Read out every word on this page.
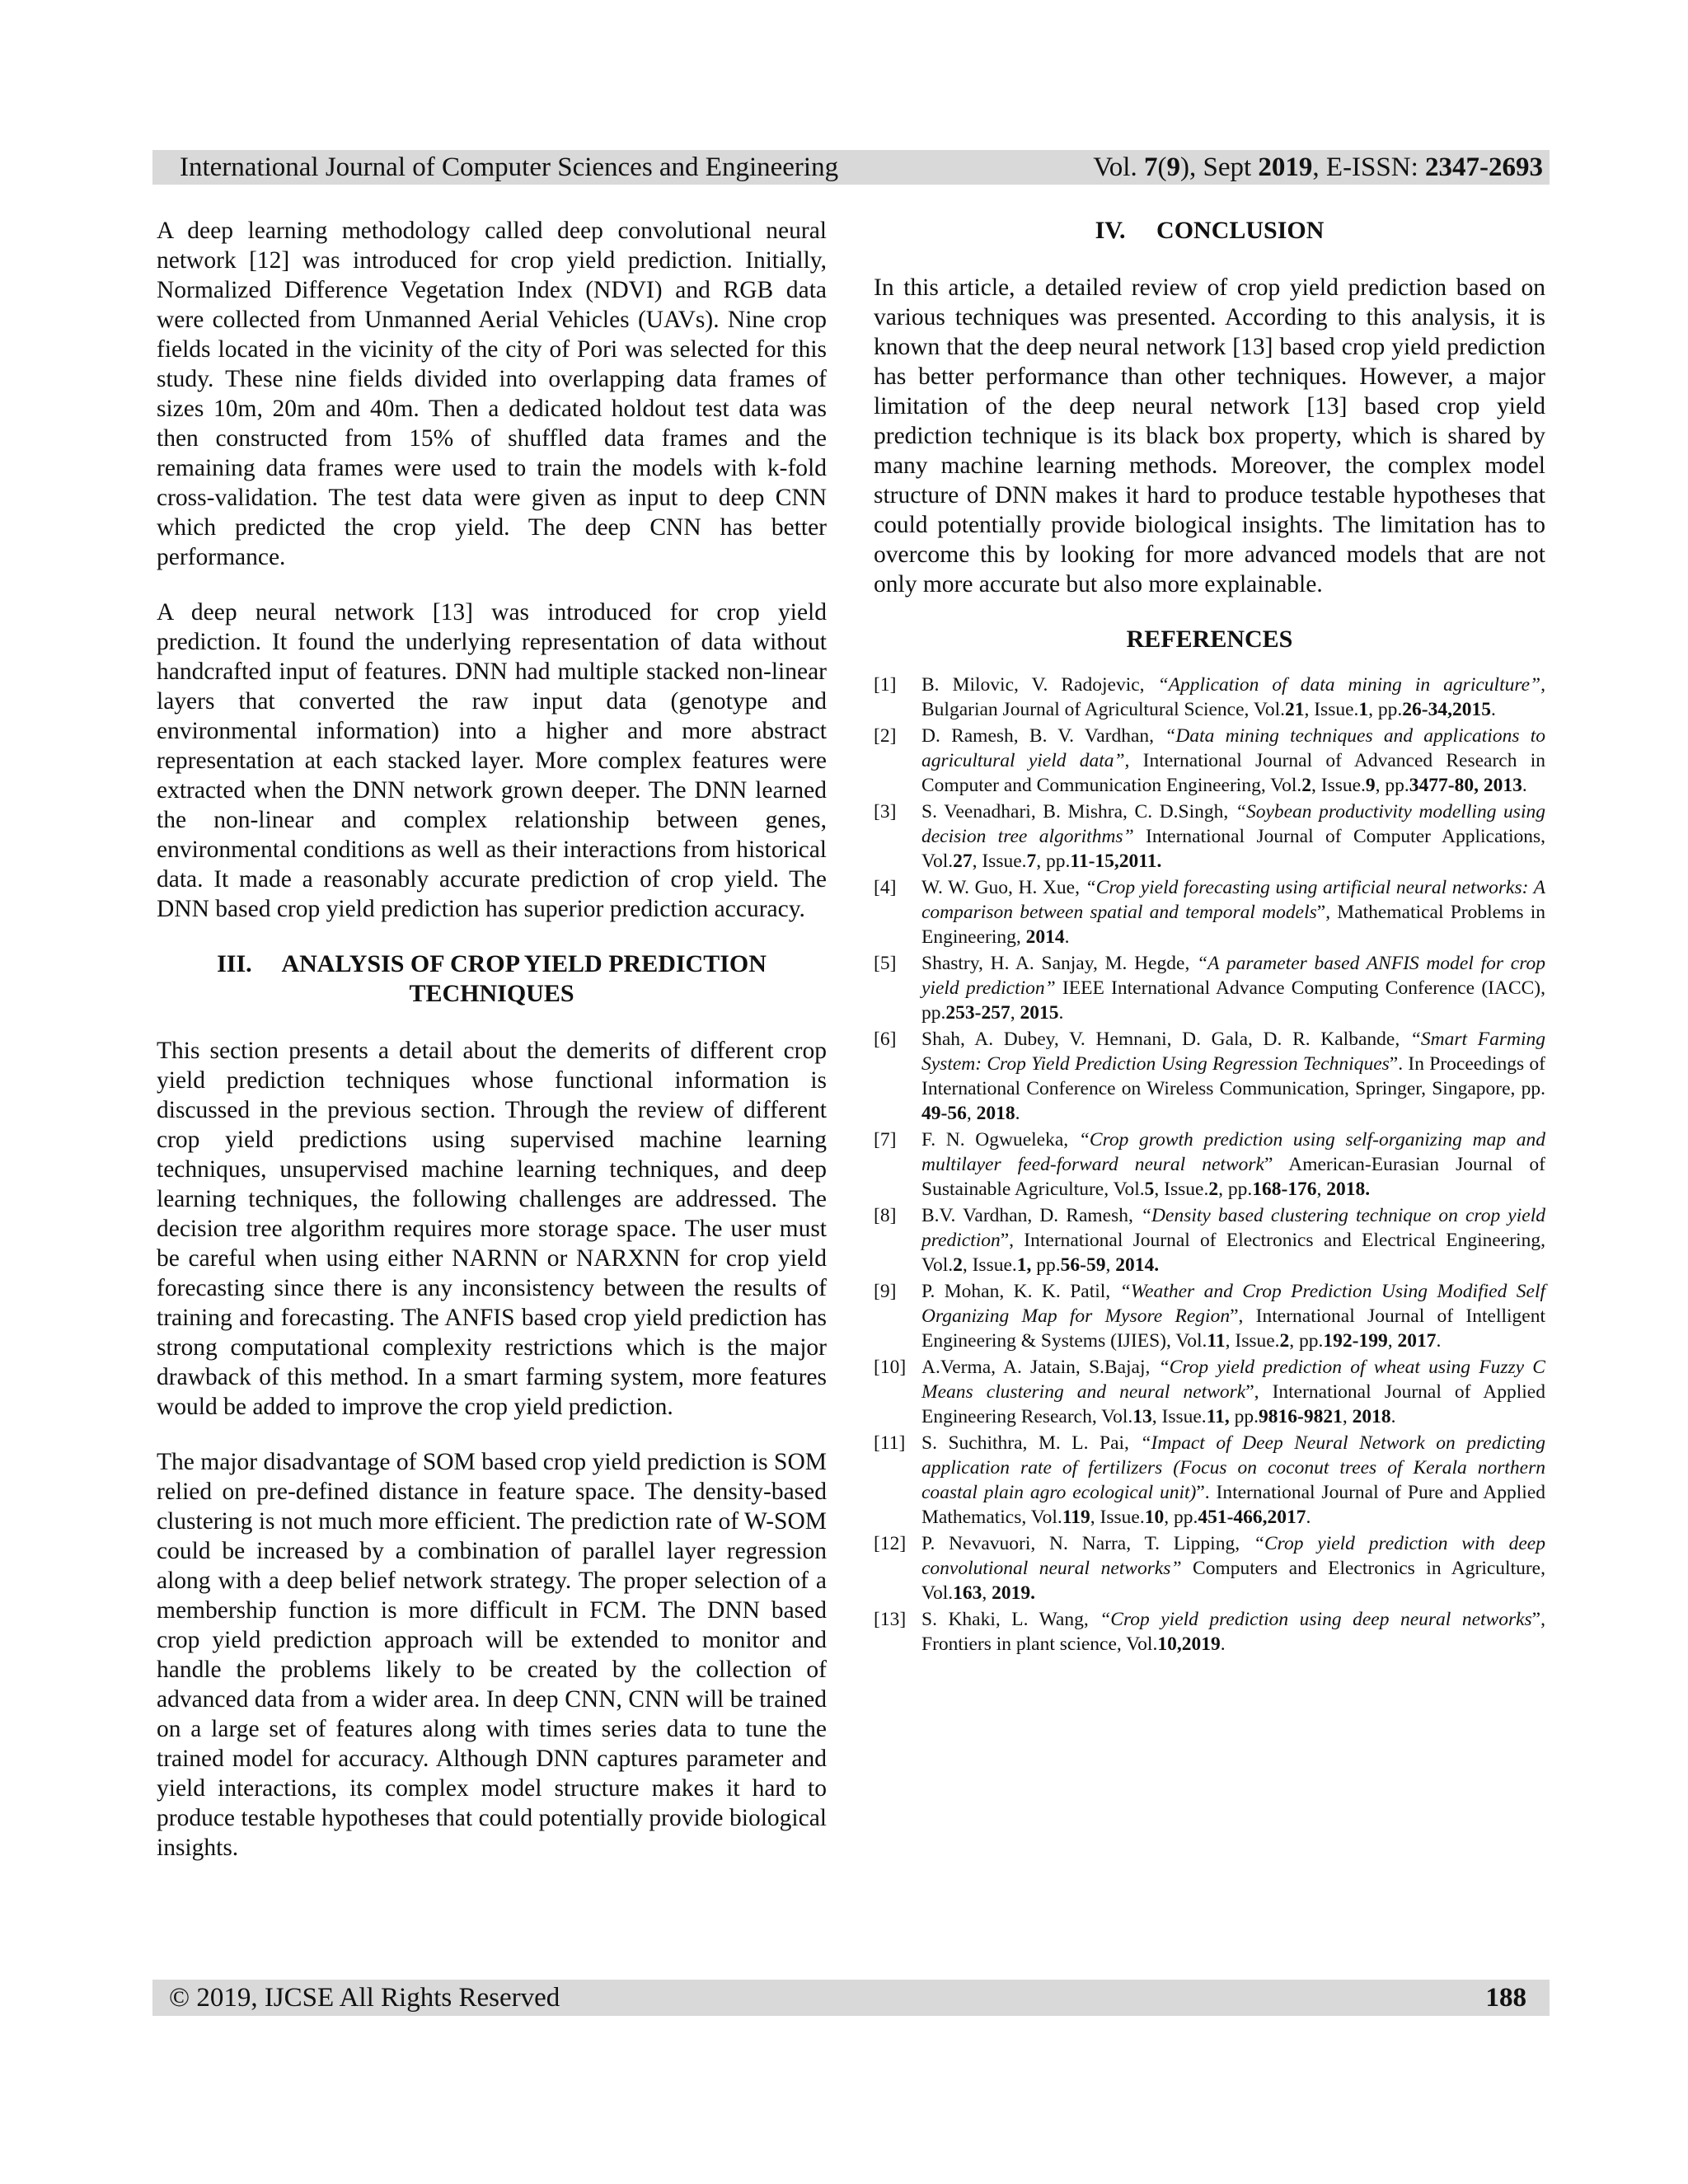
International Journal of Computer Sciences and Engineering	Vol. 7(9), Sept 2019, E-ISSN: 2347-2693

A deep learning methodology called deep convolutional neural network [12] was introduced for crop yield prediction. Initially, Normalized Difference Vegetation Index (NDVI) and RGB data were collected from Unmanned Aerial Vehicles (UAVs). Nine crop fields located in the vicinity of the city of Pori was selected for this study. These nine fields divided into overlapping data frames of sizes 10m, 20m and 40m. Then a dedicated holdout test data was then constructed from 15% of shuffled data frames and the remaining data frames were used to train the models with k-fold cross-validation. The test data were given as input to deep CNN which predicted the crop yield. The deep CNN has better performance.

A deep neural network [13] was introduced for crop yield prediction. It found the underlying representation of data without handcrafted input of features. DNN had multiple stacked non-linear layers that converted the raw input data (genotype and environmental information) into a higher and more abstract representation at each stacked layer. More complex features were extracted when the DNN network grown deeper. The DNN learned the non-linear and complex relationship between genes, environmental conditions as well as their interactions from historical data. It made a reasonably accurate prediction of crop yield. The DNN based crop yield prediction has superior prediction accuracy.

III.     ANALYSIS OF CROP YIELD PREDICTION
TECHNIQUES

This section presents a detail about the demerits of different crop yield prediction techniques whose functional information is discussed in the previous section. Through the review of different crop yield predictions using supervised machine learning techniques, unsupervised machine learning techniques, and deep learning techniques, the following challenges are addressed. The decision tree algorithm requires more storage space. The user must be careful when using either NARNN or NARXNN for crop yield forecasting since there is any inconsistency between the results of training and forecasting. The ANFIS based crop yield prediction has strong computational complexity restrictions which is the major drawback of this method. In a smart farming system, more features would be added to improve the crop yield prediction.

The major disadvantage of SOM based crop yield prediction is SOM relied on pre-defined distance in feature space. The density-based clustering is not much more efficient. The prediction rate of W-SOM could be increased by a combination of parallel layer regression along with a deep belief network strategy. The proper selection of a membership function is more difficult in FCM. The DNN based crop yield prediction approach will be extended to monitor and handle the problems likely to be created by the collection of advanced data from a wider area. In deep CNN, CNN will be trained on a large set of features along with times series data to tune the trained model for accuracy. Although DNN captures parameter and yield interactions, its complex model structure makes it hard to produce testable hypotheses that could potentially provide biological insights.

IV.     CONCLUSION

In this article, a detailed review of crop yield prediction based on various techniques was presented. According to this analysis, it is known that the deep neural network [13] based crop yield prediction has better performance than other techniques. However, a major limitation of the deep neural network [13] based crop yield prediction technique is its black box property, which is shared by many machine learning methods. Moreover, the complex model structure of DNN makes it hard to produce testable hypotheses that could potentially provide biological insights. The limitation has to overcome this by looking for more advanced models that are not only more accurate but also more explainable.

REFERENCES
[1]	B. Milovic, V. Radojevic, “Application of data mining in agriculture”, Bulgarian Journal of Agricultural Science, Vol.21, Issue.1, pp.26-34,2015.
[2]	D. Ramesh, B. V. Vardhan, “Data mining techniques and applications to agricultural yield data”, International Journal of Advanced Research in Computer and Communication Engineering, Vol.2, Issue.9, pp.3477-80, 2013.
[3]	S. Veenadhari, B. Mishra, C. D.Singh, “Soybean productivity modelling using decision tree algorithms” International Journal of Computer Applications, Vol.27, Issue.7, pp.11-15,2011.
[4]	W. W. Guo, H. Xue, “Crop yield forecasting using artificial neural networks: A comparison between spatial and temporal models”, Mathematical Problems in Engineering, 2014.
[5]	Shastry, H. A. Sanjay, M. Hegde, “A parameter based ANFIS model for crop yield prediction” IEEE International Advance Computing Conference (IACC), pp.253-257, 2015.
[6]	Shah, A. Dubey, V. Hemnani, D. Gala, D. R. Kalbande, “Smart Farming System: Crop Yield Prediction Using Regression Techniques”. In Proceedings of International Conference on Wireless Communication, Springer, Singapore, pp. 49-56, 2018.
[7]	F. N. Ogwueleka, “Crop growth prediction using self-organizing map and multilayer feed-forward neural network” American-Eurasian Journal of Sustainable Agriculture, Vol.5, Issue.2, pp.168-176, 2018.
[8]	B.V. Vardhan, D. Ramesh, “Density based clustering technique on crop yield prediction”, International Journal of Electronics and Electrical Engineering, Vol.2, Issue.1, pp.56-59, 2014.
[9]	P. Mohan, K. K. Patil, “Weather and Crop Prediction Using Modified Self Organizing Map for Mysore Region”, International Journal of Intelligent Engineering & Systems (IJIES), Vol.11, Issue.2, pp.192-199, 2017.
[10] A.Verma, A. Jatain, S.Bajaj, “Crop yield prediction of wheat using Fuzzy C Means clustering and neural network”, International Journal of Applied Engineering Research, Vol.13, Issue.11, pp.9816-9821, 2018.
[11] S. Suchithra, M. L. Pai, “Impact of Deep Neural Network on predicting application rate of fertilizers (Focus on coconut trees of Kerala northern coastal plain agro ecological unit)”. International Journal of Pure and Applied Mathematics, Vol.119, Issue.10, pp.451-466,2017.
[12] P. Nevavuori, N. Narra, T. Lipping, “Crop yield prediction with deep convolutional neural networks” Computers and Electronics in Agriculture, Vol.163, 2019.
[13] S. Khaki, L. Wang, “Crop yield prediction using deep neural networks”, Frontiers in plant science, Vol.10,2019.
© 2019, IJCSE All Rights Reserved	188
